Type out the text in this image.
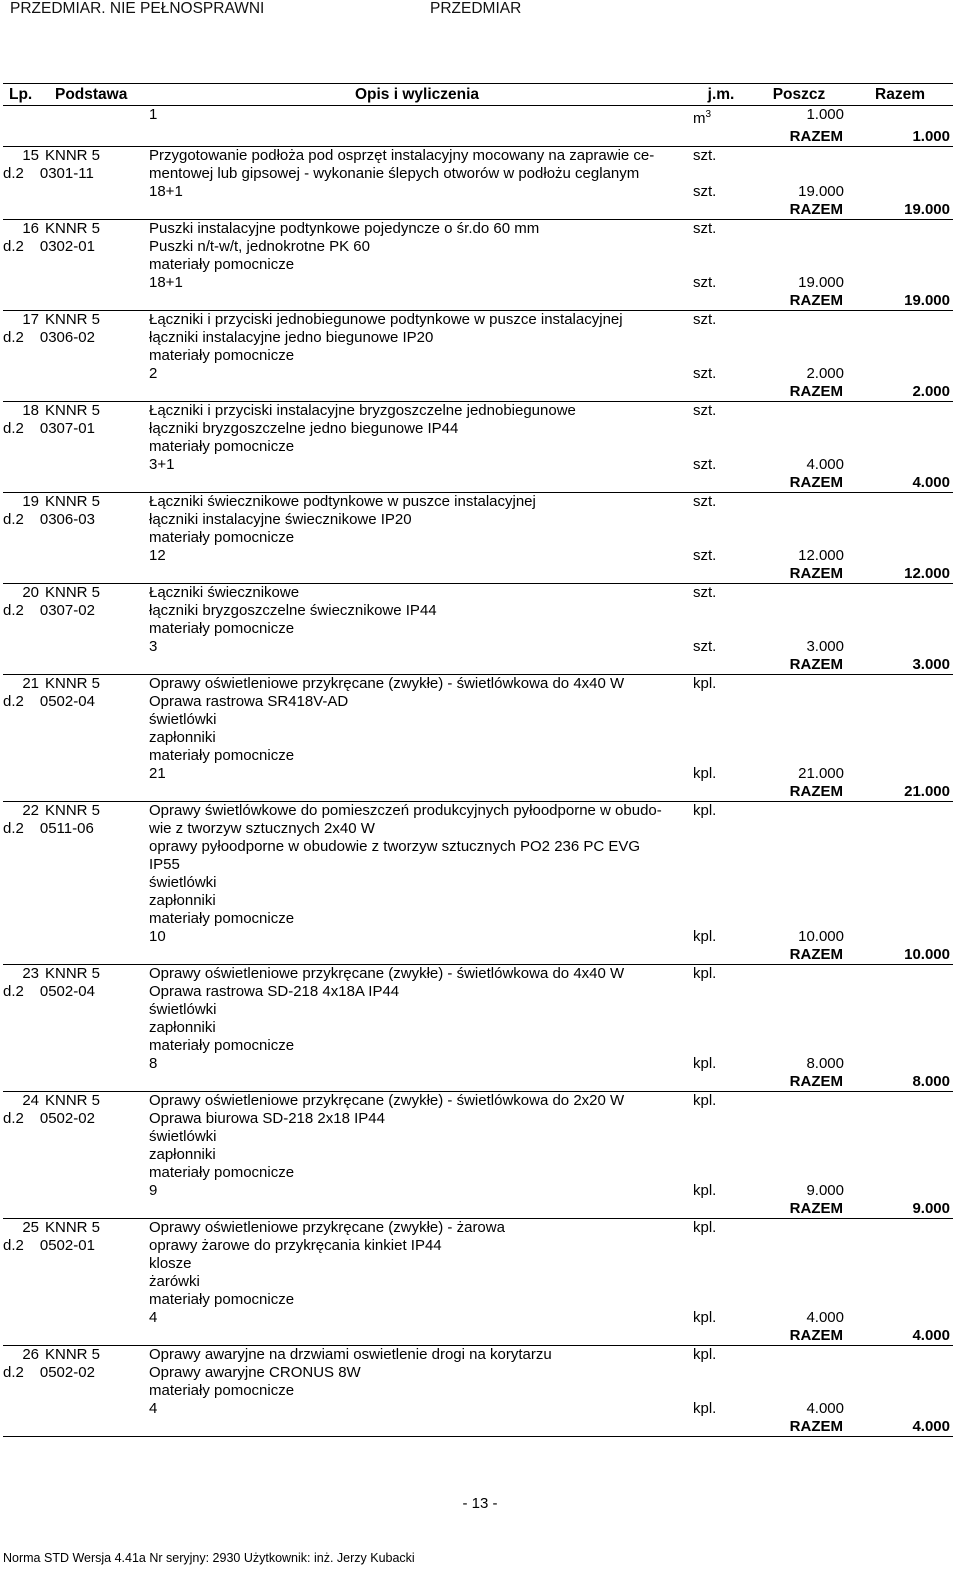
PRZEDMIAR. NIE PEŁNOSPRAWNI	PRZEDMIAR
Lp.	Podstawa	Opis i wyliczenia	j.m.	Poszcz	Razem
		1	$m^3$	1.000	
				RAZEM	1.000
15	KNNR 5	Przygotowanie podłoża pod osprzęt instalacyjny mocowany na zaprawie ce-	szt.		
	d.2 0301-11	mentowej lub gipsowej - wykonanie ślepych otworów w podłożu ceglanym			
		18+1	szt.	19.000	
				RAZEM	19.000
16	KNNR 5	Puszki instalacyjne podtynkowe pojedyncze o śr.do 60 mm	szt.		
	d.2 0302-01	Puszki n/t-w/t, jednokrotne PK 60			
		materiały pomocnicze			
		18+1	szt.	19.000	
				RAZEM	19.000
17	KNNR 5	Łączniki i przyciski jednobiegunowe podtynkowe w puszce instalacyjnej	szt.		
	d.2 0306-02	łączniki instalacyjne jedno biegunowe IP20			
		materiały pomocnicze			
		2	szt.	2.000	
				RAZEM	2.000
18	KNNR 5	Łączniki i przyciski instalacyjne bryzgoszczelne jednobiegunowe	szt.		
	d.2 0307-01	łączniki bryzgoszczelne jedno biegunowe IP44			
		materiały pomocnicze			
		3+1	szt.	4.000	
				RAZEM	4.000
19	KNNR 5	Łączniki świecznikowe podtynkowe w puszce instalacyjnej	szt.		
	d.2 0306-03	łączniki instalacyjne świecznikowe IP20			
		materiały pomocnicze			
		12	szt.	12.000	
				RAZEM	12.000
20	KNNR 5	Łączniki świecznikowe	szt.		
	d.2 0307-02	łączniki bryzgoszczelne świecznikowe IP44			
		materiały pomocnicze			
		3	szt.	3.000	
				RAZEM	3.000
21	KNNR 5	Oprawy oświetleniowe przykręcane (zwykłe) - świetlówkowa do 4x40 W	kpl.		
	d.2 0502-04	Oprawa rastrowa SR418V-AD			
		świetlówki			
		zapłonniki			
		materiały pomocnicze			
		21	kpl.	21.000	
				RAZEM	21.000
22	KNNR 5	Oprawy świetlówkowe do pomieszczeń produkcyjnych pyłoodporne w obudo-	kpl.		
	d.2 0511-06	wie z tworzyw sztucznych 2x40 W			
		oprawy pyłoodporne w obudowie z tworzyw sztucznych PO2 236 PC EVG			
		IP55			
		świetlówki			
		zapłonniki			
		materiały pomocnicze			
		10	kpl.	10.000	
				RAZEM	10.000
23	KNNR 5	Oprawy oświetleniowe przykręcane (zwykłe) - świetlówkowa do 4x40 W	kpl.		
	d.2 0502-04	Oprawa rastrowa SD-218 4x18A IP44			
		świetlówki			
		zapłonniki			
		materiały pomocnicze			
		8	kpl.	8.000	
				RAZEM	8.000
24	KNNR 5	Oprawy oświetleniowe przykręcane (zwykłe) - świetlówkowa do 2x20 W	kpl.		
	d.2 0502-02	Oprawa biurowa SD-218 2x18 IP44			
		świetlówki			
		zapłonniki			
		materiały pomocnicze			
		9	kpl.	9.000	
				RAZEM	9.000
25	KNNR 5	Oprawy oświetleniowe przykręcane (zwykłe) - żarowa	kpl.		
	d.2 0502-01	oprawy żarowe do przykręcania kinkiet IP44			
		klosze			
		żarówki			
		materiały pomocnicze			
		4	kpl.	4.000	
				RAZEM	4.000
26	KNNR 5	Oprawy awaryjne na drzwiami oswietlenie drogi na korytarzu	kpl.		
	d.2 0502-02	Oprawy awaryjne CRONUS 8W			
		materiały pomocnicze			
		4	kpl.	4.000	
				RAZEM	4.000
- 13 -
Norma STD Wersja 4.41a Nr seryjny: 2930 Użytkownik: inż. Jerzy Kubacki
